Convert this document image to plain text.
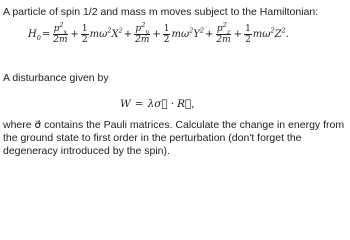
A particle of spin 1/2 and mass m moves subject to the Hamiltonian:
$H_0 = \frac{p^2_x}{2m} + \frac{1}{2} m\omega^2X^2 + \frac{p^2_y}{2m} + \frac{1}{2} m\omega^2Y^2 + \frac{p^2_z}{2m} + \frac{1}{2} m\omega^2Z^2$ .
A disturbance given by
W = λ σ⃗ · R⃗ ,
where σ⃗ contains the Pauli matrices. Calculate the change in energy from the ground state to first order in the perturbation (don't forget the degeneracy introduced by the spin).
